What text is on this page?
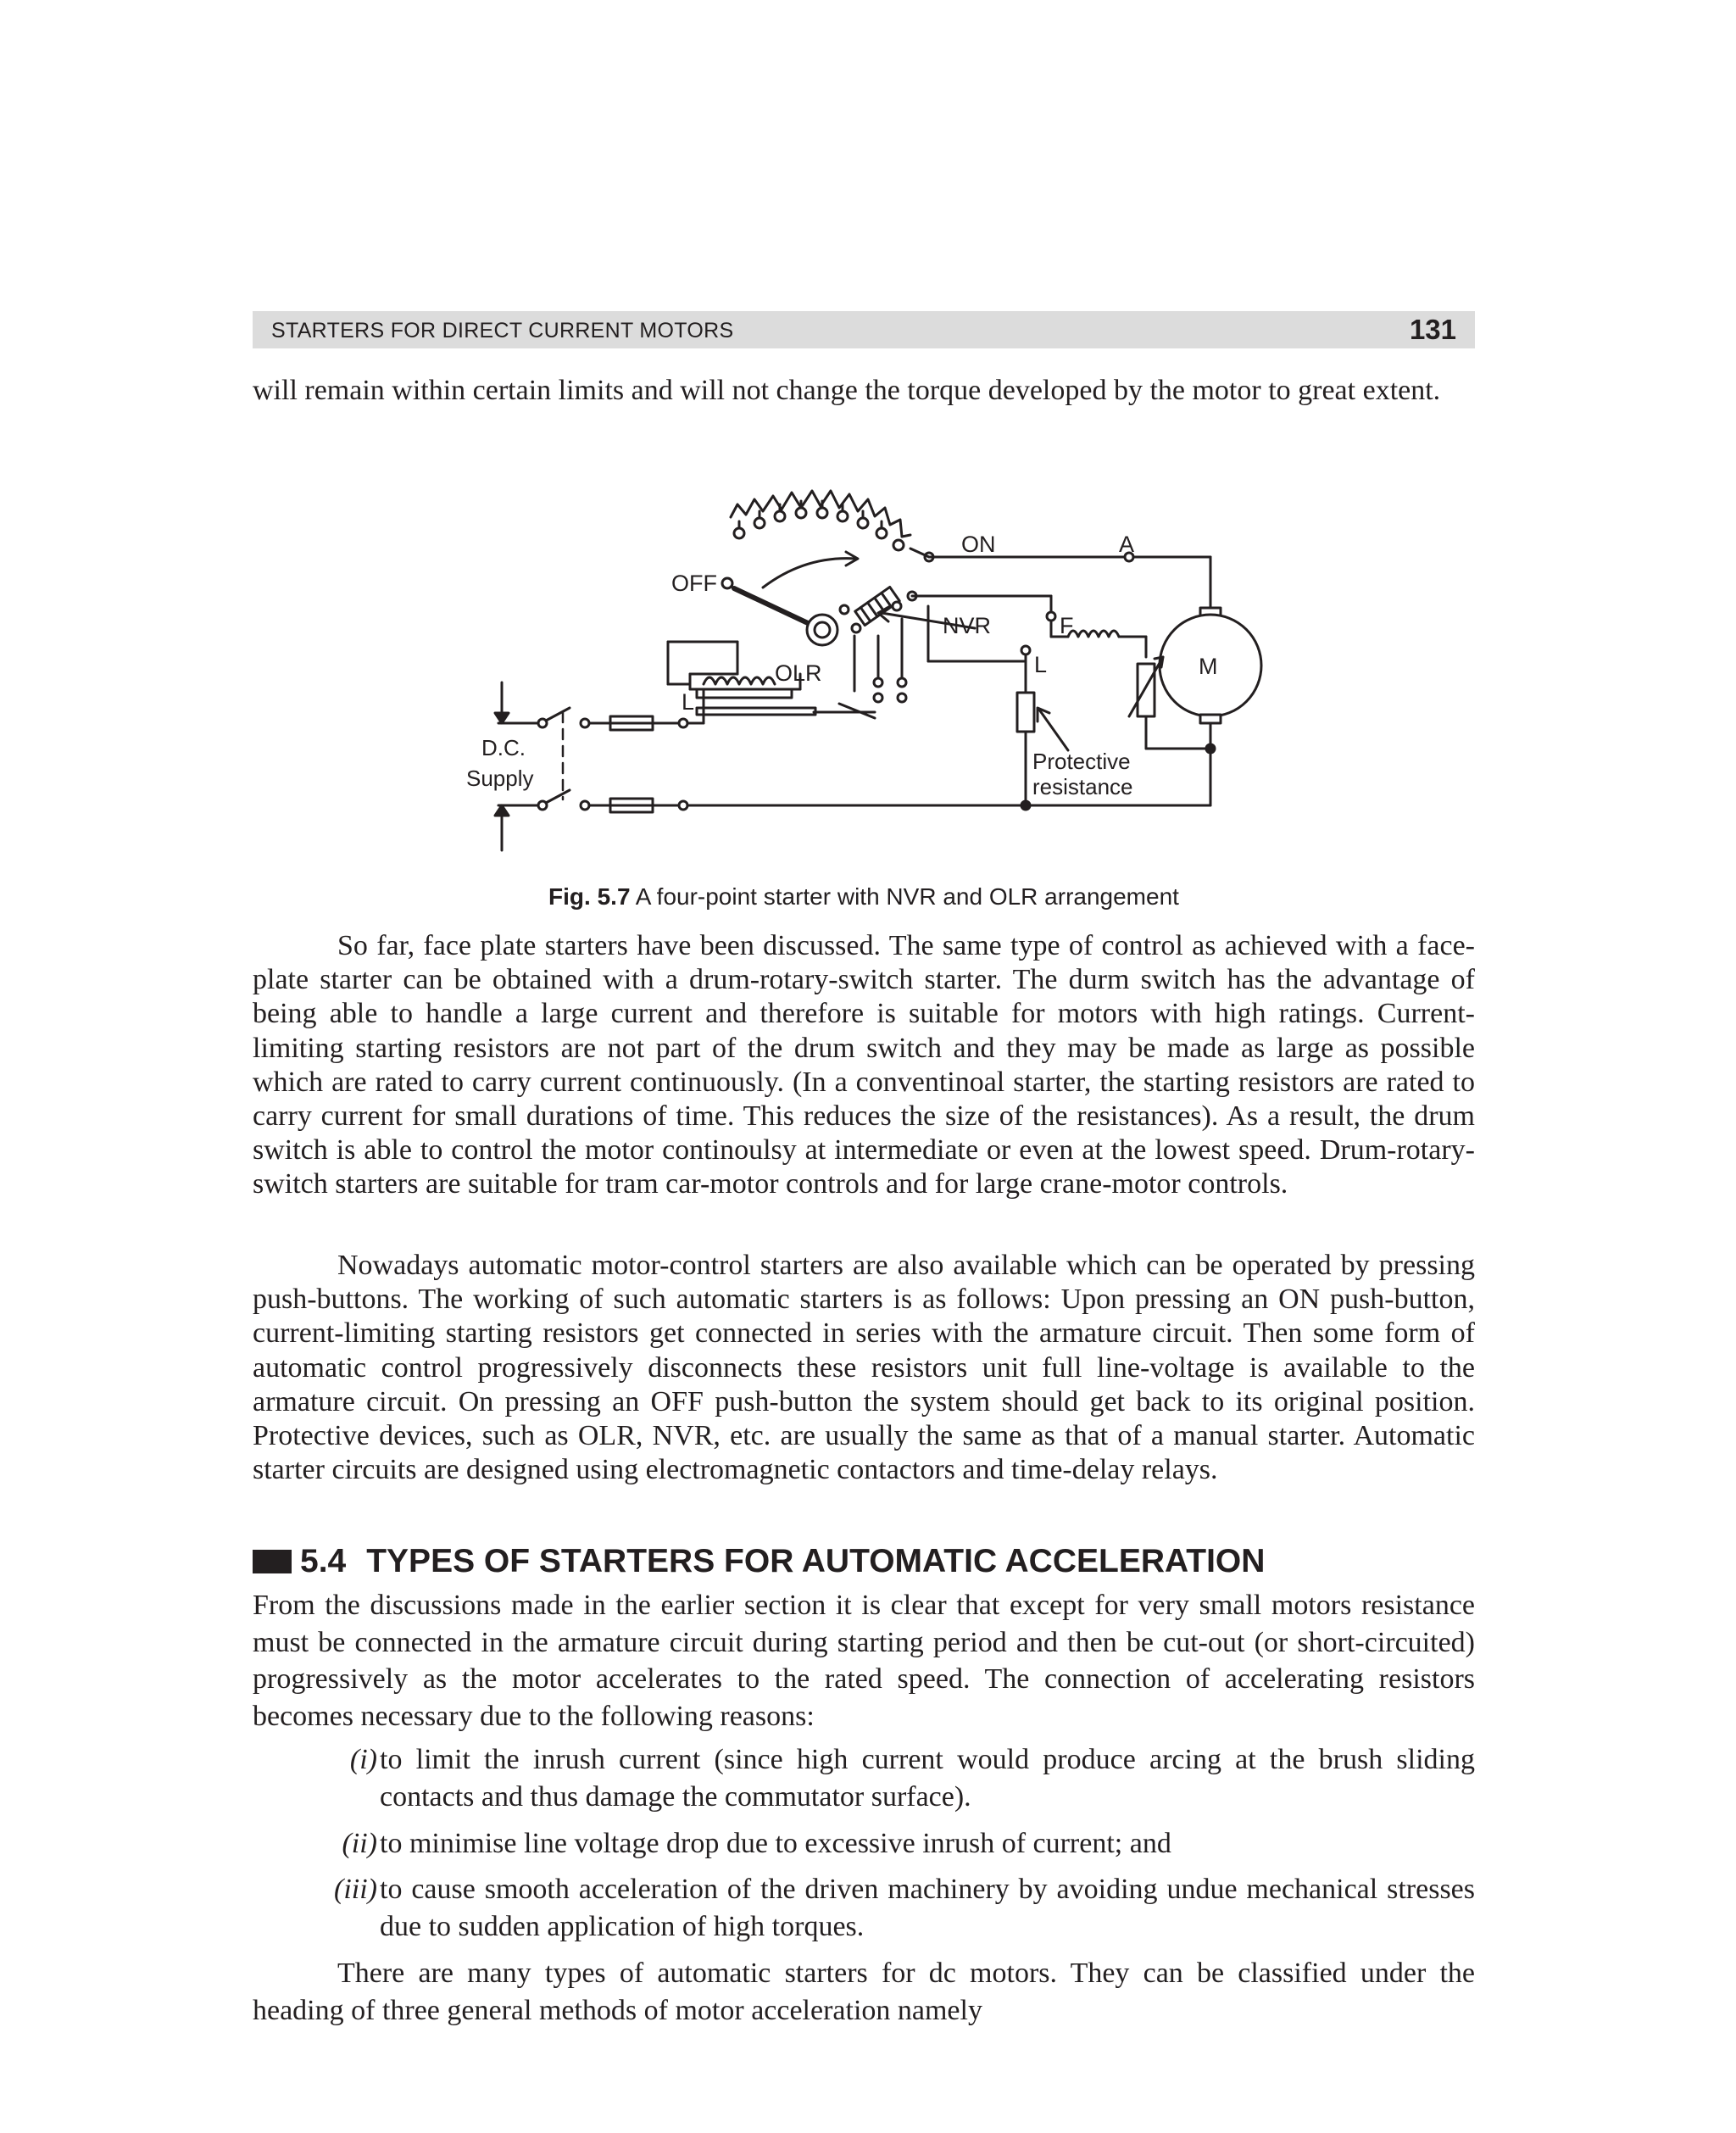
STARTERS FOR DIRECT CURRENT MOTORS	131

will remain within certain limits and will not change the torque developed by the motor to great extent.

OFF
ON	A
NVR	F
L
L
OLR	M
D.C.
Supply
Protective
resistance
Fig. 5.7 A four-point starter with NVR and OLR arrangement

So far, face plate starters have been discussed. The same type of control as achieved with a face-plate starter can be obtained with a drum-rotary-switch starter. The durm switch has the advantage of being able to handle a large current and therefore is suitable for motors with high ratings. Current-limiting starting resistors are not part of the drum switch and they may be made as large as possible which are rated to carry current continuously. (In a conventinoal starter, the starting resistors are rated to carry current for small durations of time. This reduces the size of the resistances). As a result, the drum switch is able to control the motor continoulsy at intermediate or even at the lowest speed. Drum-rotary-switch starters are suitable for tram car-motor controls and for large crane-motor controls.

Nowadays automatic motor-control starters are also available which can be operated by pressing push-buttons. The working of such automatic starters is as follows: Upon pressing an ON push-button, current-limiting starting resistors get connected in series with the armature circuit. Then some form of automatic control progressively disconnects these resistors unit full line-voltage is available to the armature circuit. On pressing an OFF push-button the system should get back to its original position. Protective devices, such as OLR, NVR, etc. are usually the same as that of a manual starter. Automatic starter circuits are designed using electromagnetic contactors and time-delay relays.

5.4 TYPES OF STARTERS FOR AUTOMATIC ACCELERATION

From the discussions made in the earlier section it is clear that except for very small motors resistance must be connected in the armature circuit during starting period and then be cut-out (or short-circuited) progressively as the motor accelerates to the rated speed. The connection of accelerating resistors becomes necessary due to the following reasons:

(i) to limit the inrush current (since high current would produce arcing at the brush sliding contacts and thus damage the commutator surface).
(ii) to minimise line voltage drop due to excessive inrush of current; and
(iii) to cause smooth acceleration of the driven machinery by avoiding undue mechanical stresses due to sudden application of high torques.

There are many types of automatic starters for dc motors. They can be classified under the heading of three general methods of motor acceleration namely
